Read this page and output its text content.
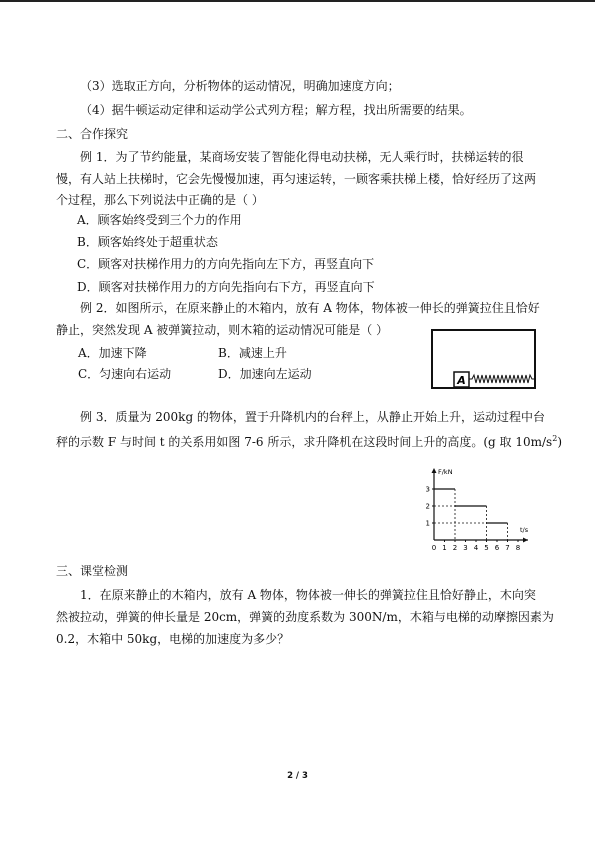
（3）选取正方向，分析物体的运动情况，明确加速度方向；
（4）据牛顿运动定律和运动学公式列方程；解方程，找出所需要的结果。
二、合作探究
例 1．为了节约能量，某商场安装了智能化得电动扶梯，无人乘行时，扶梯运转的很
慢，有人站上扶梯时，它会先慢慢加速，再匀速运转，一顾客乘扶梯上楼，恰好经历了这两
个过程，那么下列说法中正确的是（ ）
A．顾客始终受到三个力的作用
B．顾客始终处于超重状态
C．顾客对扶梯作用力的方向先指向左下方，再竖直向下
D．顾客对扶梯作用力的方向先指向右下方，再竖直向下
例 2．如图所示，在原来静止的木箱内，放有 A 物体，物体被一伸长的弹簧拉住且恰好
静止，突然发现 A 被弹簧拉动，则木箱的运动情况可能是（ ）
A．加速下降	B．减速上升
C．匀速向右运动	D．加速向左运动	A
例 3．质量为 200kg 的物体，置于升降机内的台秤上，从静止开始上升，运动过程中台
秤的示数 F 与时间 t 的关系用如图 7-6 所示，求升降机在这段时间上升的高度。(g 取 $10m/s^2$)
F/kN
t/s
3
2
1
0 1 2 3 4 5 6 7 8
三、课堂检测
1．在原来静止的木箱内，放有 A 物体，物体被一伸长的弹簧拉住且恰好静止，木向突
然被拉动，弹簧的伸长量是 20cm，弹簧的劲度系数为 300N/m，木箱与电梯的动摩擦因素为
0.2，木箱中 50kg，电梯的加速度为多少？
2 / 3
